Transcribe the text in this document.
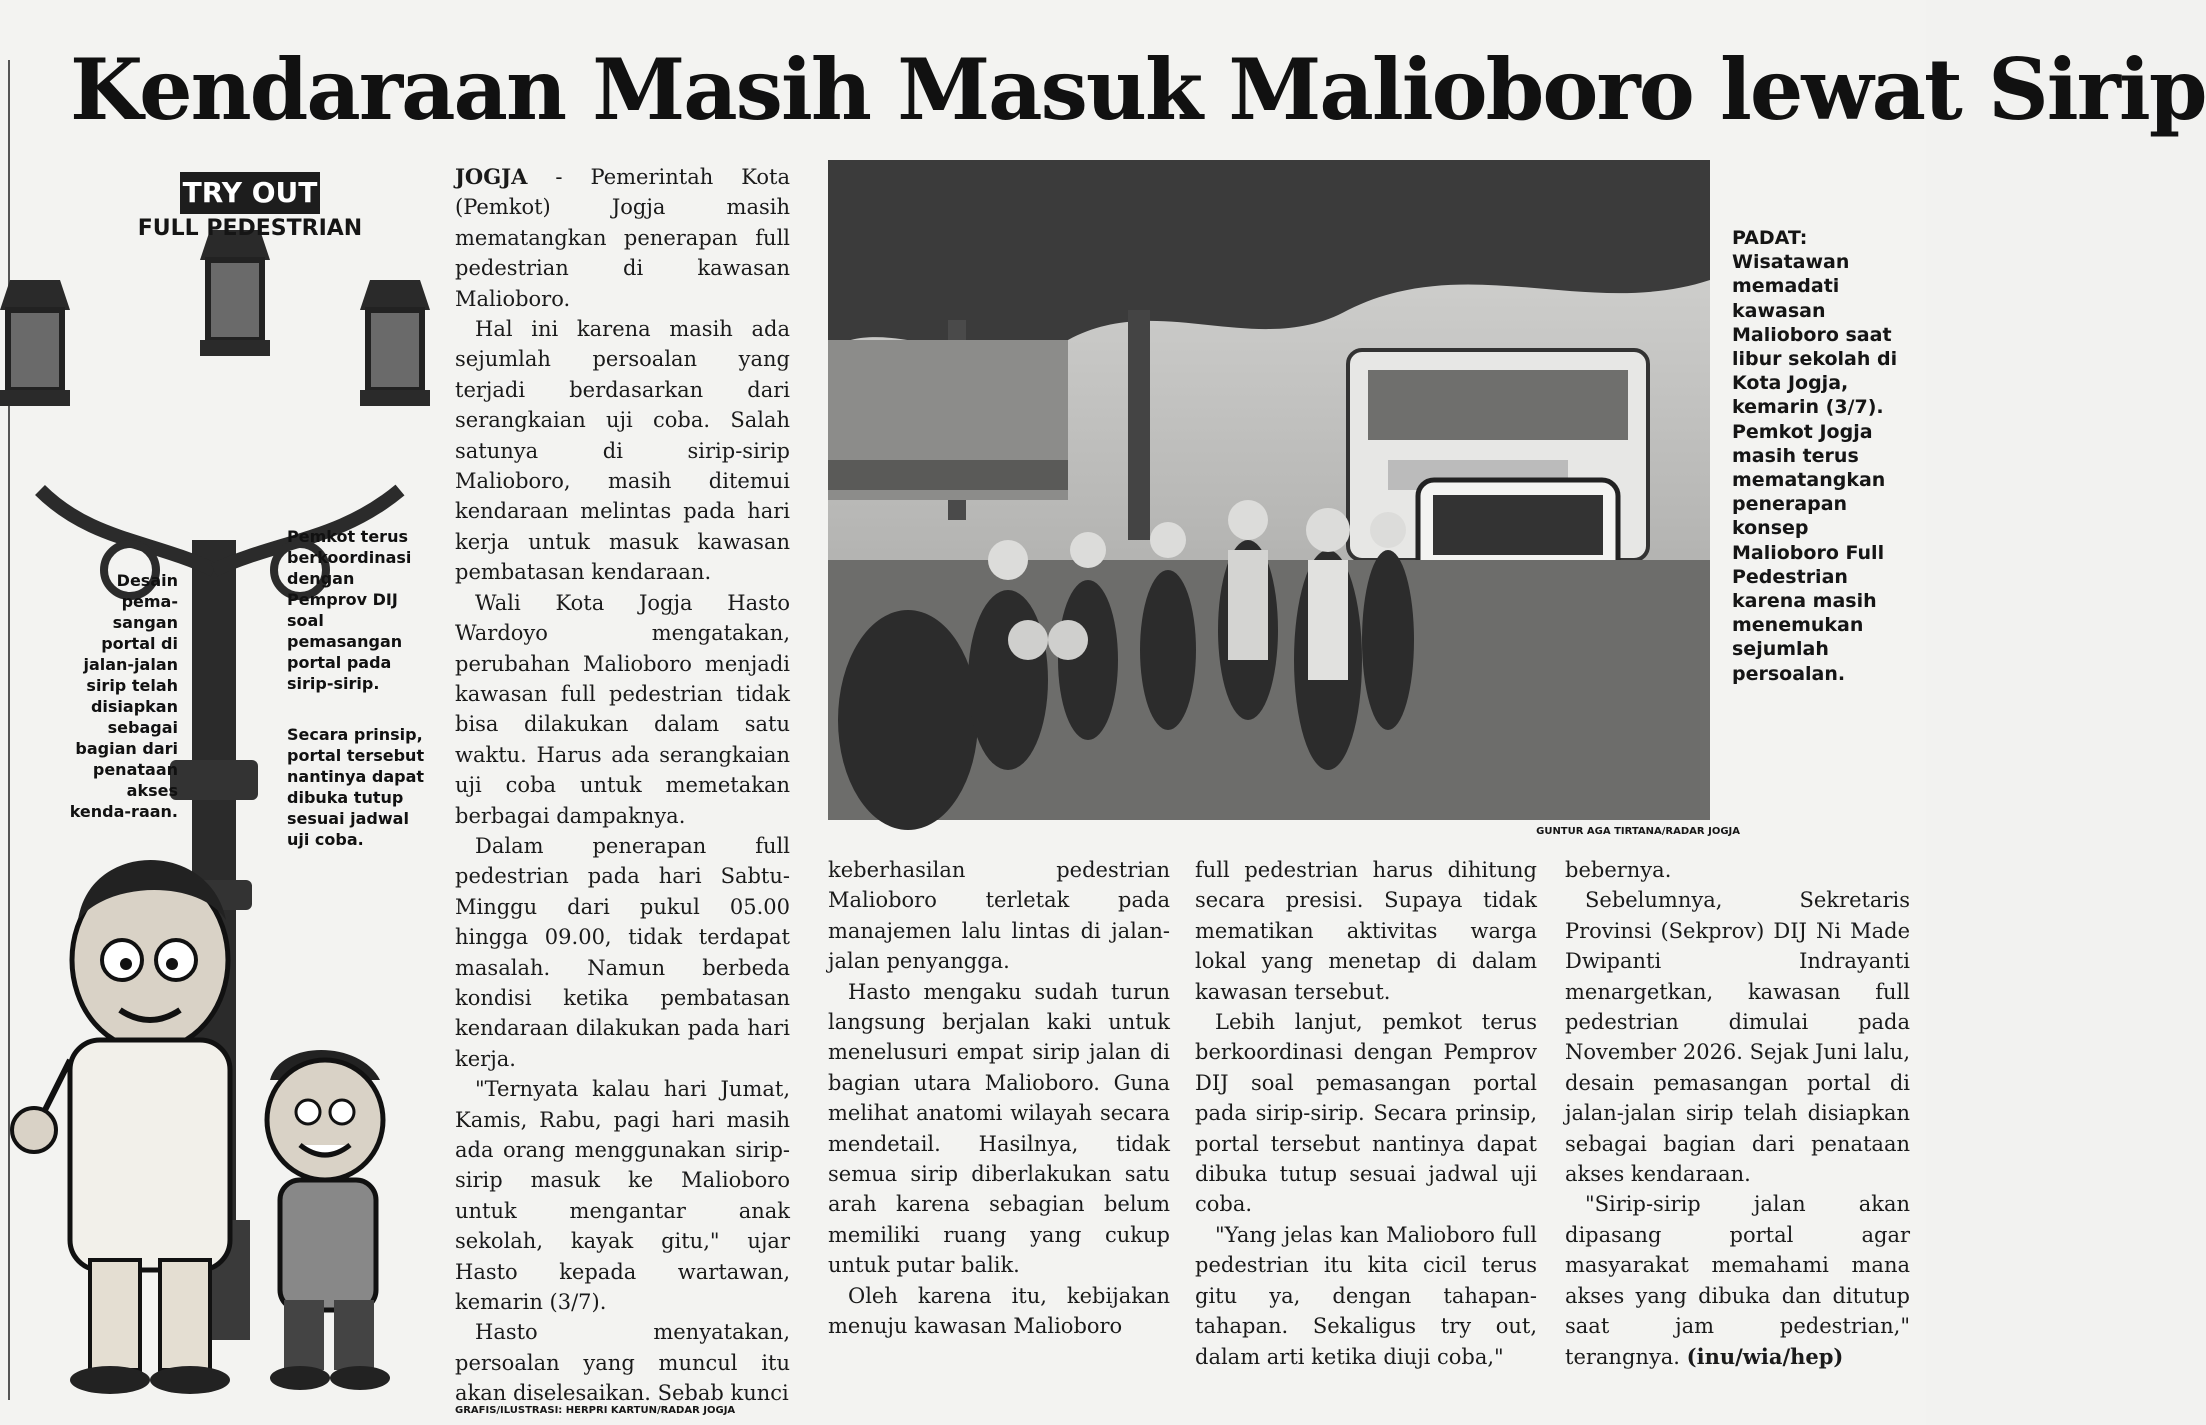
Kendaraan Masih Masuk Malioboro lewat Sirip
TRY OUT
FULL PEDESTRIAN
Desain pema-sangan portal di jalan-jalan sirip telah disiapkan sebagai bagian dari penataan akses kenda-raan.
Pemkot terus berkoordinasi dengan Pemprov DIJ soal pemasangan portal pada sirip-sirip.
Secara prinsip, portal tersebut nantinya dapat dibuka tutup sesuai jadwal uji coba.

JOGJA - Pemerintah Kota (Pemkot) Jogja masih mematangkan penerapan full pedestrian di kawasan Malioboro.

Hal ini karena masih ada sejumlah persoalan yang terjadi berdasarkan dari serangkaian uji coba. Salah satunya di sirip-sirip Malioboro, masih ditemui kendaraan melintas pada hari kerja untuk masuk kawasan pembatasan kendaraan.

Wali Kota Jogja Hasto Wardoyo mengatakan, perubahan Malioboro menjadi kawasan full pedestrian tidak bisa dilakukan dalam satu waktu. Harus ada serangkaian uji coba untuk memetakan berbagai dampaknya.

Dalam penerapan full pedestrian pada hari Sabtu-Minggu dari pukul 05.00 hingga 09.00, tidak terdapat masalah. Namun berbeda kondisi ketika pembatasan kendaraan dilakukan pada hari kerja.

"Ternyata kalau hari Jumat, Kamis, Rabu, pagi hari masih ada orang menggunakan sirip-sirip masuk ke Malioboro untuk mengantar anak sekolah, kayak gitu," ujar Hasto kepada wartawan, kemarin (3/7).

Hasto menyatakan, persoalan yang muncul itu akan diselesaikan. Sebab kunci

GUNTUR AGA TIRTANA/RADAR JOGJA
PADAT:
Wisatawan memadati kawasan Malioboro saat libur sekolah di Kota Jogja, kemarin (3/7). Pemkot Jogja masih terus mematangkan penerapan konsep Malioboro Full Pedestrian karena masih menemukan sejumlah persoalan.

keberhasilan pedestrian Malioboro terletak pada manajemen lalu lintas di jalan-jalan penyangga.

Hasto mengaku sudah turun langsung berjalan kaki untuk menelusuri empat sirip jalan di bagian utara Malioboro. Guna melihat anatomi wilayah secara mendetail. Hasilnya, tidak semua sirip diberlakukan satu arah karena sebagian belum memiliki ruang yang cukup untuk putar balik.

Oleh karena itu, kebijakan menuju kawasan Malioboro

full pedestrian harus dihitung secara presisi. Supaya tidak mematikan aktivitas warga lokal yang menetap di dalam kawasan tersebut.

Lebih lanjut, pemkot terus berkoordinasi dengan Pemprov DIJ soal pemasangan portal pada sirip-sirip. Secara prinsip, portal tersebut nantinya dapat dibuka tutup sesuai jadwal uji coba.

"Yang jelas kan Malioboro full pedestrian itu kita cicil terus gitu ya, dengan tahapan-tahapan. Sekaligus try out, dalam arti ketika diuji coba,"

bebernya.

Sebelumnya, Sekretaris Provinsi (Sekprov) DIJ Ni Made Dwipanti Indrayanti menargetkan, kawasan full pedestrian dimulai pada November 2026. Sejak Juni lalu, desain pemasangan portal di jalan-jalan sirip telah disiapkan sebagai bagian dari penataan akses kendaraan.

"Sirip-sirip jalan akan dipasang portal agar masyarakat memahami mana akses yang dibuka dan ditutup saat jam pedestrian," terangnya. (inu/wia/hep)

GRAFIS/ILUSTRASI: HERPRI KARTUN/RADAR JOGJA
